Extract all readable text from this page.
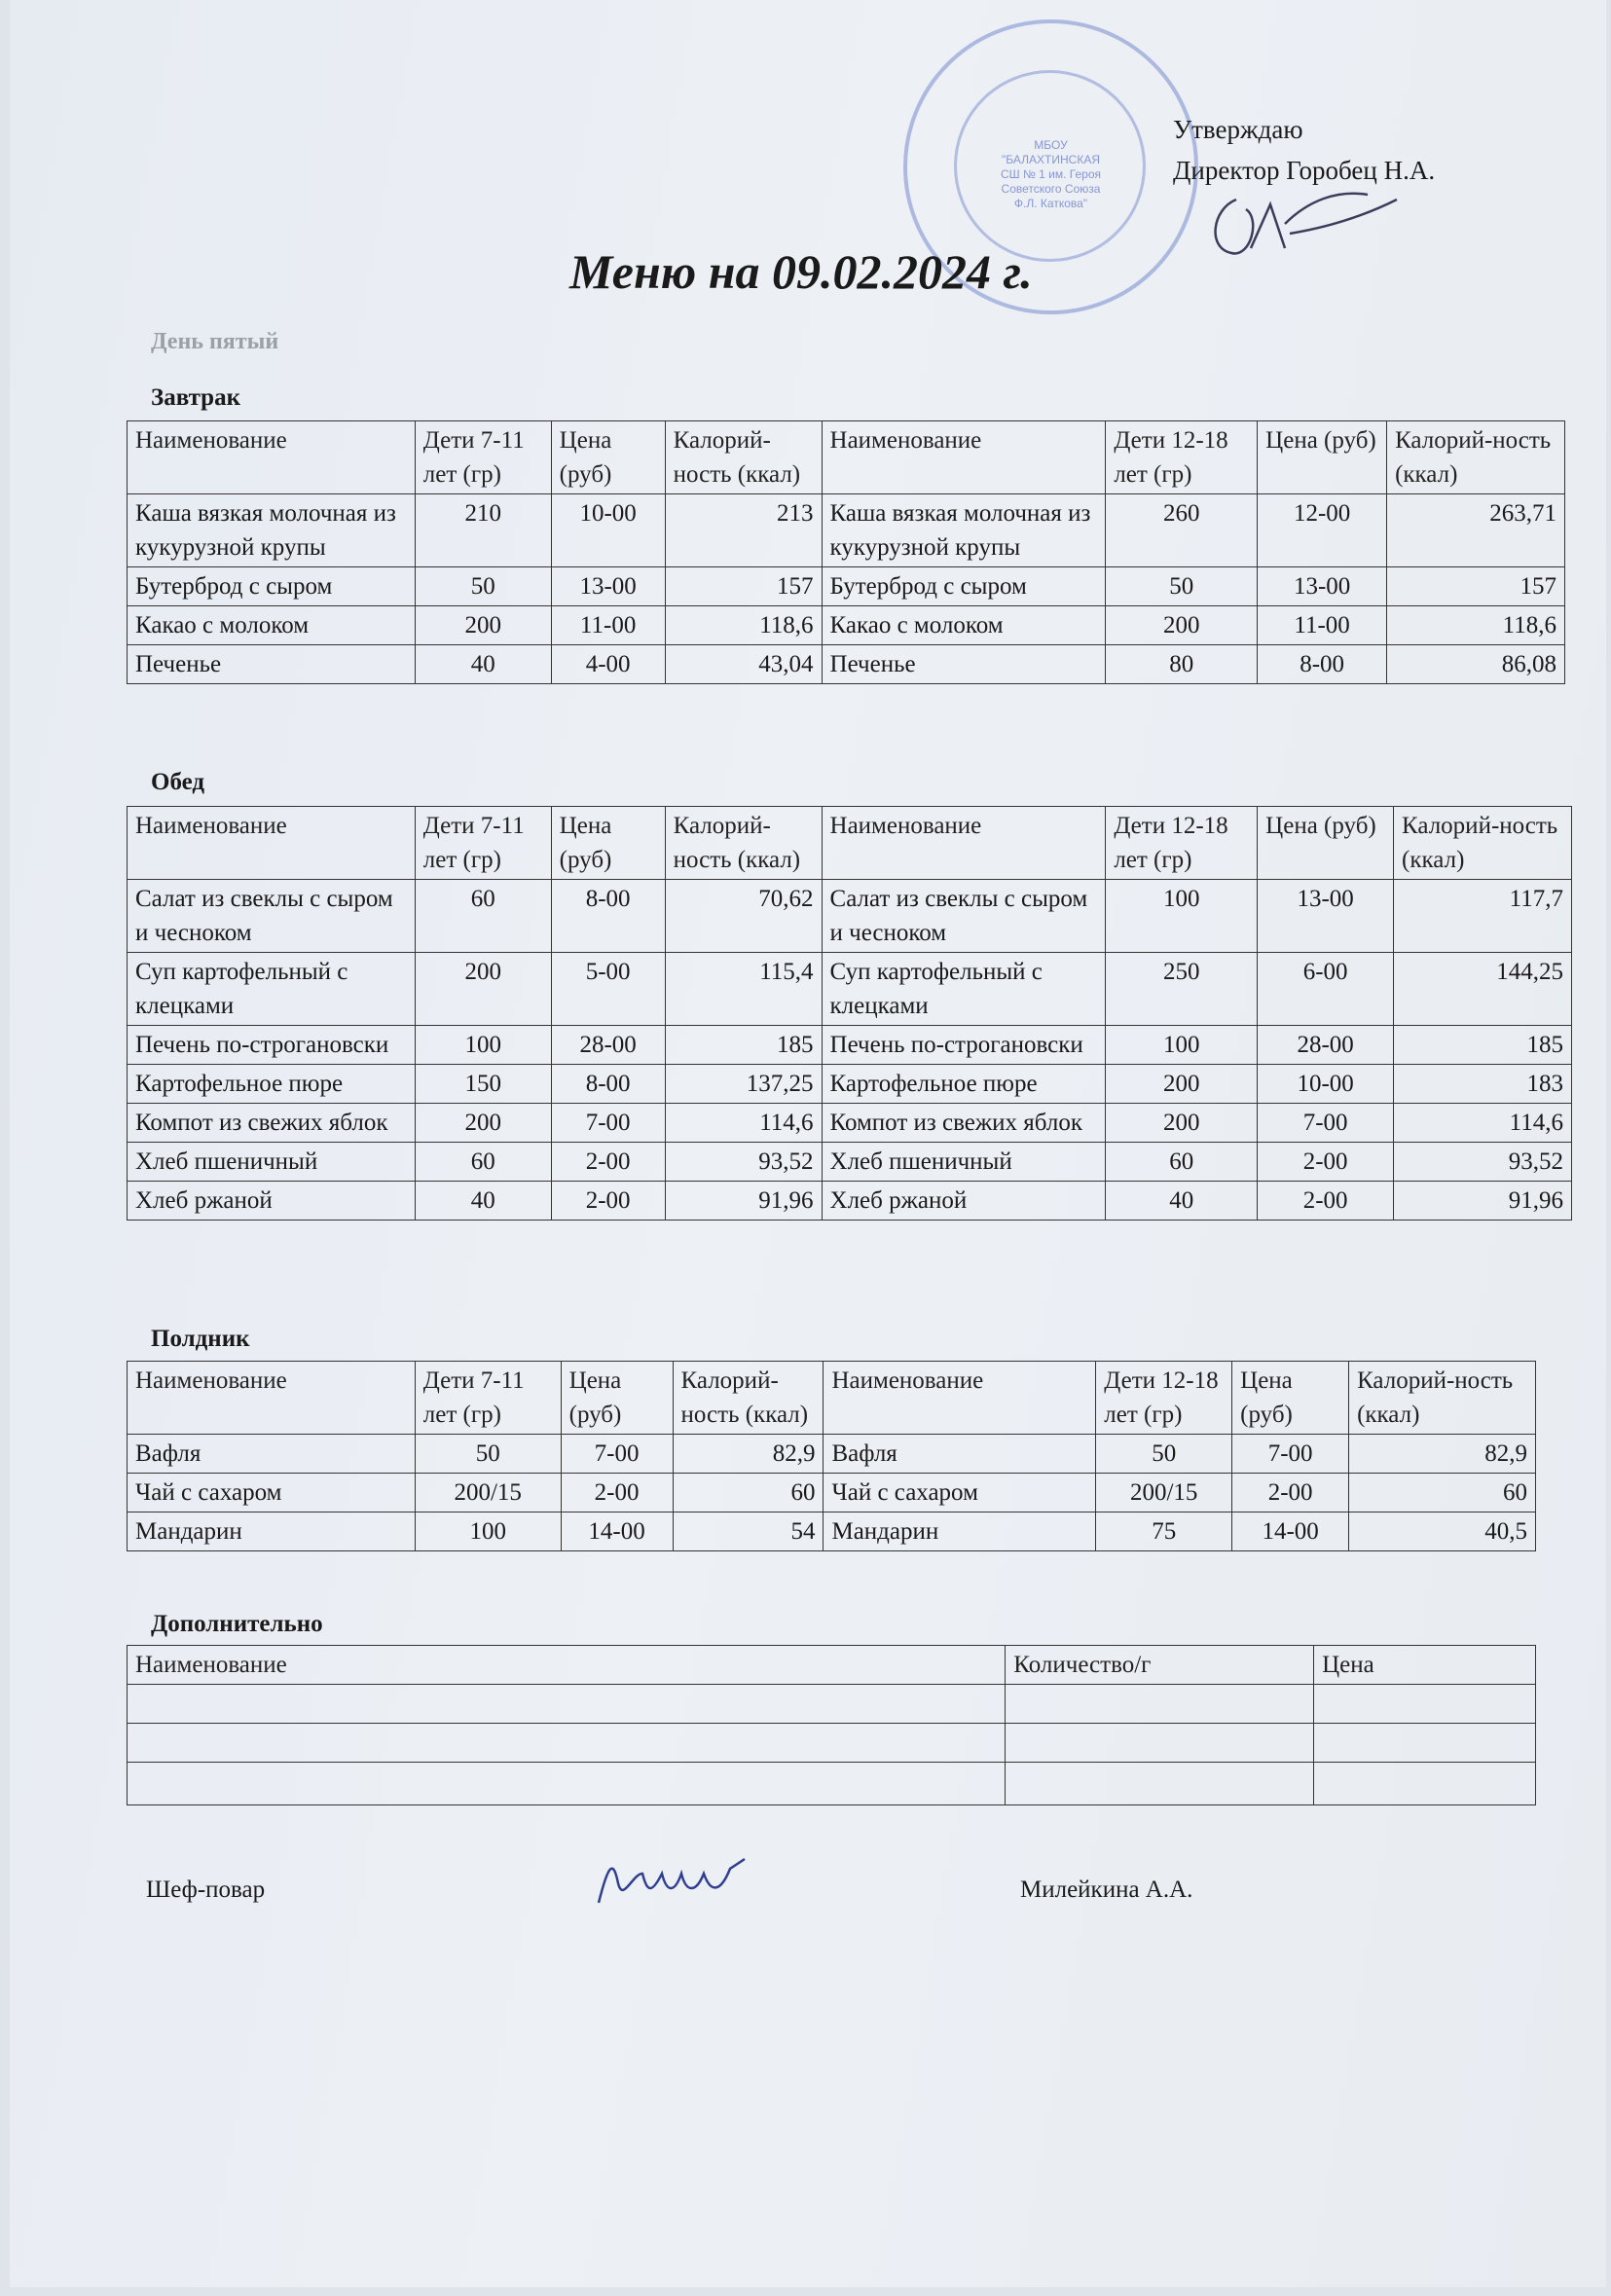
МБОУ
"БАЛАХТИНСКАЯ
СШ № 1 им. Героя
Советского Союза
Ф.Л. Каткова"
Утверждаю
Директор Горобец Н.А.
Меню на 09.02.2024 г.
День пятый
Завтрак
Наименование	Дети 7-11 лет (гр)	Цена (руб)	Калорий-ность (ккал)	Наименование	Дети 12-18 лет (гр)	Цена (руб)	Калорий-ность (ккал)
Каша вязкая молочная из кукурузной крупы	210	10-00	213	Каша вязкая молочная из кукурузной крупы	260	12-00	263,71
Бутерброд с сыром	50	13-00	157	Бутерброд с сыром	50	13-00	157
Какао с молоком	200	11-00	118,6	Какао с молоком	200	11-00	118,6
Печенье	40	4-00	43,04	Печенье	80	8-00	86,08
Обед
Наименование	Дети 7-11 лет (гр)	Цена (руб)	Калорий-ность (ккал)	Наименование	Дети 12-18 лет (гр)	Цена (руб)	Калорий-ность (ккал)
Салат из свеклы с сыром и чесноком	60	8-00	70,62	Салат из свеклы с сыром и чесноком	100	13-00	117,7
Суп картофельный с клецками	200	5-00	115,4	Суп картофельный с клецками	250	6-00	144,25
Печень по-строгановски	100	28-00	185	Печень по-строгановски	100	28-00	185
Картофельное пюре	150	8-00	137,25	Картофельное пюре	200	10-00	183
Компот из свежих яблок	200	7-00	114,6	Компот из свежих яблок	200	7-00	114,6
Хлеб пшеничный	60	2-00	93,52	Хлеб пшеничный	60	2-00	93,52
Хлеб ржаной	40	2-00	91,96	Хлеб ржаной	40	2-00	91,96
Полдник
Наименование	Дети 7-11 лет (гр)	Цена (руб)	Калорий-ность (ккал)	Наименование	Дети 12-18 лет (гр)	Цена (руб)	Калорий-ность (ккал)
Вафля	50	7-00	82,9	Вафля	50	7-00	82,9
Чай с сахаром	200/15	2-00	60	Чай с сахаром	200/15	2-00	60
Мандарин	100	14-00	54	Мандарин	75	14-00	40,5
Дополнительно
Наименование	Количество/г	Цена

Шеф-повар	Милейкина А.А.
